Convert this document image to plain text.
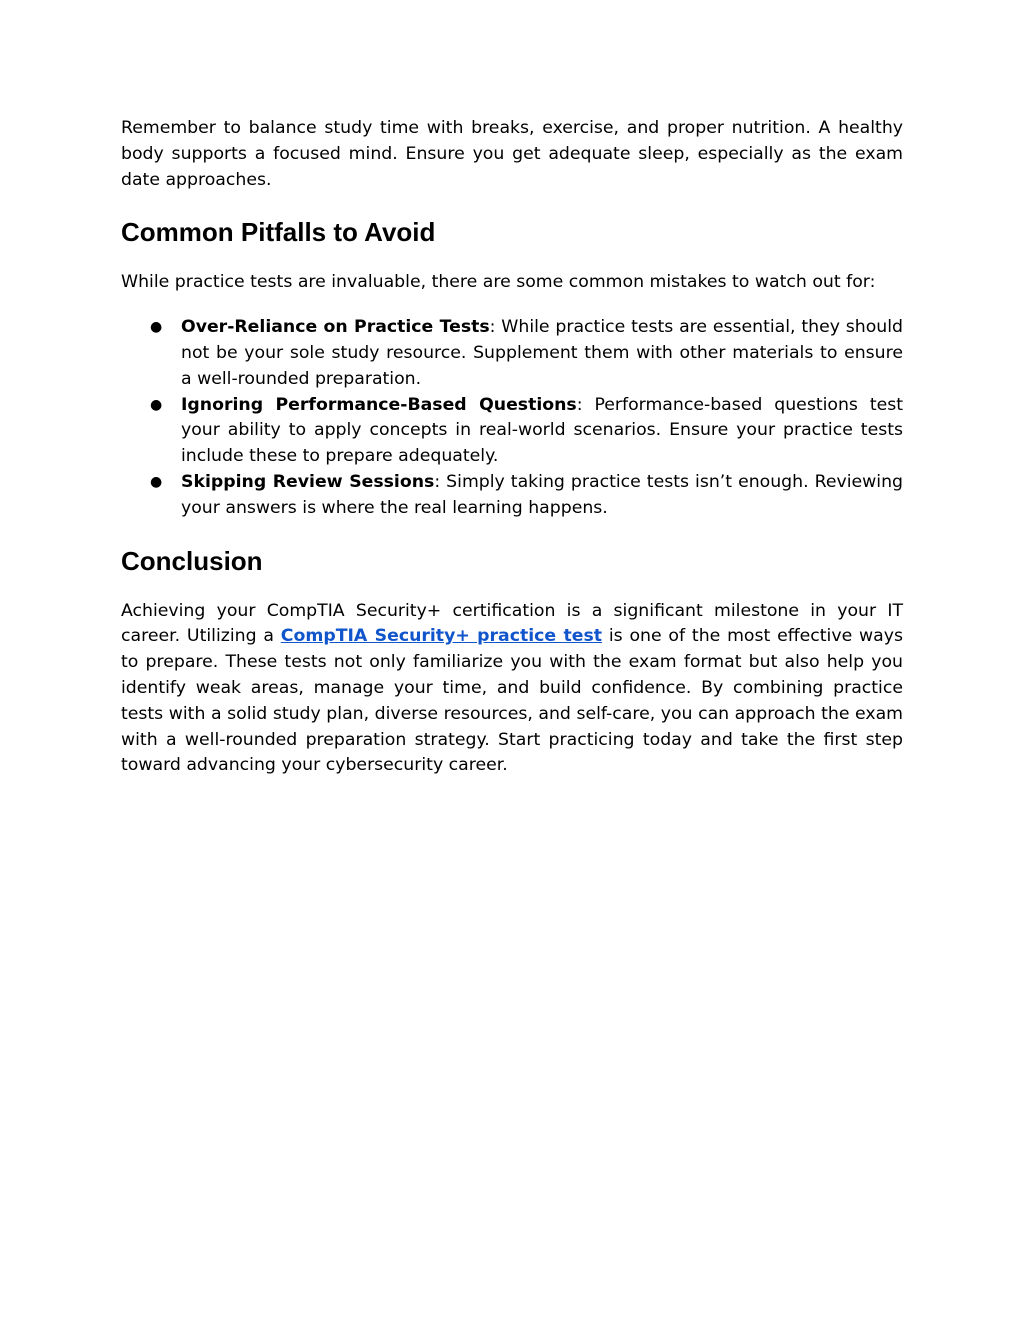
Remember to balance study time with breaks, exercise, and proper nutrition. A healthy body supports a focused mind. Ensure you get adequate sleep, especially as the exam date approaches.

Common Pitfalls to Avoid

While practice tests are invaluable, there are some common mistakes to watch out for:

● Over-Reliance on Practice Tests: While practice tests are essential, they should not be your sole study resource. Supplement them with other materials to ensure a well-rounded preparation.
● Ignoring Performance-Based Questions: Performance-based questions test your ability to apply concepts in real-world scenarios. Ensure your practice tests include these to prepare adequately.
● Skipping Review Sessions: Simply taking practice tests isn’t enough. Reviewing your answers is where the real learning happens.
Conclusion

Achieving your CompTIA Security+ certification is a significant milestone in your IT career. Utilizing a CompTIA Security+ practice test is one of the most effective ways to prepare. These tests not only familiarize you with the exam format but also help you identify weak areas, manage your time, and build confidence. By combining practice tests with a solid study plan, diverse resources, and self-care, you can approach the exam with a well-rounded preparation strategy. Start practicing today and take the first step toward advancing your cybersecurity career.
